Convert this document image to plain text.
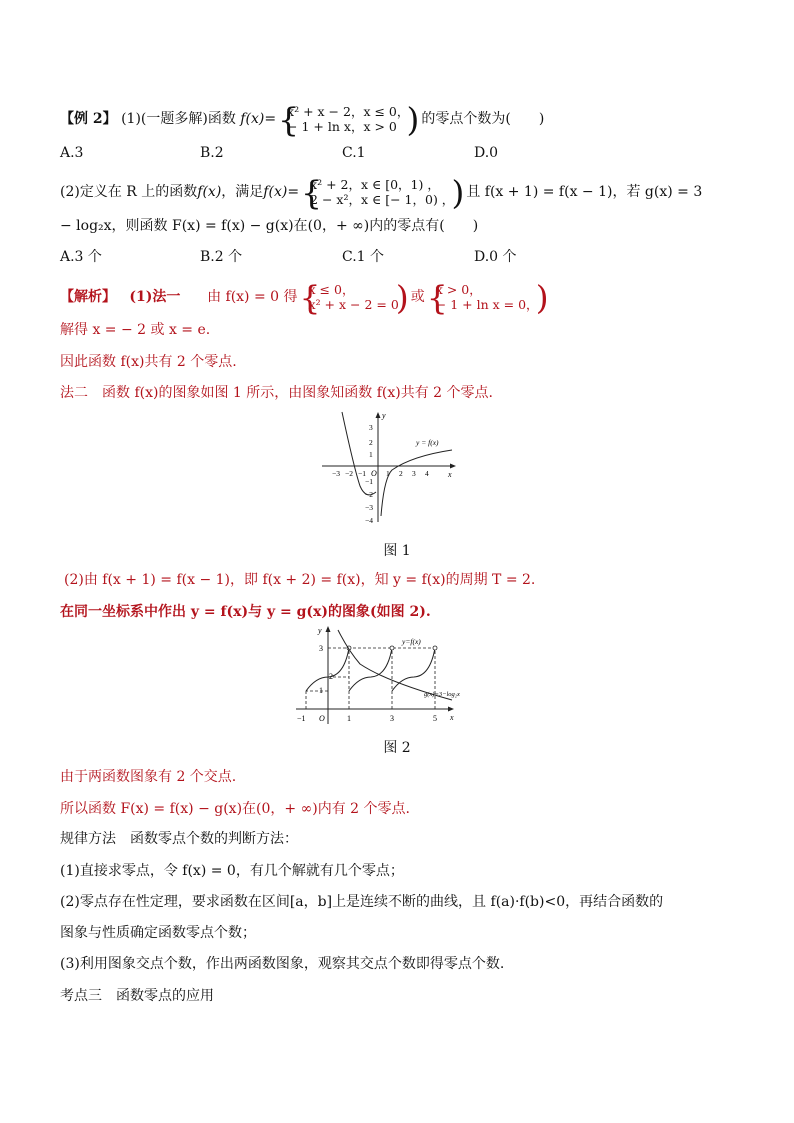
【例 2】 (1)(一题多解)函数 f(x)= {
x² + x − 2，x ≤ 0，
− 1 + ln x，x > 0 ) 的零点个数为(　　)
A.3	B.2	C.1	D.0
(2)定义在 R 上的函数f(x)，满足f(x)= {
x² + 2，x ∈ [0，1) ，
2 − x²，x ∈ [− 1，0) ，
) 且 f(x + 1) = f(x − 1)，若 g(x) = 3
− log₂x，则函数 F(x) = f(x) − g(x)在(0，+ ∞)内的零点有(　　)
A.3 个	B.2 个	C.1 个	D.0 个
【解析】 (1)法一 由 f(x) = 0 得 {
x ≤ 0，
x² + x − 2 = 0
) 或 {
x > 0，
− 1 + ln x = 0，
)
解得 x = − 2 或 x = e.
因此函数 f(x)共有 2 个零点.
法二　函数 f(x)的图象如图 1 所示，由图象知函数 f(x)共有 2 个零点.
y
x
O
−3 −2 −1	1 2 3 4
3
2
1
−1
−2
−3
−4
y = f(x)
图 1
(2)由 f(x + 1) = f(x − 1)，即 f(x + 2) = f(x)，知 y = f(x)的周期 T = 2.
在同一坐标系中作出 y = f(x)与 y = g(x)的图象(如图 2).
y
x
O
−1	1	3	5
3
2
1
y=f(x)
g(x)=3−log₂x
图 2
由于两函数图象有 2 个交点.
所以函数 F(x) = f(x) − g(x)在(0，+ ∞)内有 2 个零点.
规律方法　函数零点个数的判断方法：
(1)直接求零点，令 f(x) = 0，有几个解就有几个零点；
(2)零点存在性定理，要求函数在区间[a，b]上是连续不断的曲线，且 f(a)·f(b)<0，再结合函数的
图象与性质确定函数零点个数；
(3)利用图象交点个数，作出两函数图象，观察其交点个数即得零点个数.
考点三　函数零点的应用
